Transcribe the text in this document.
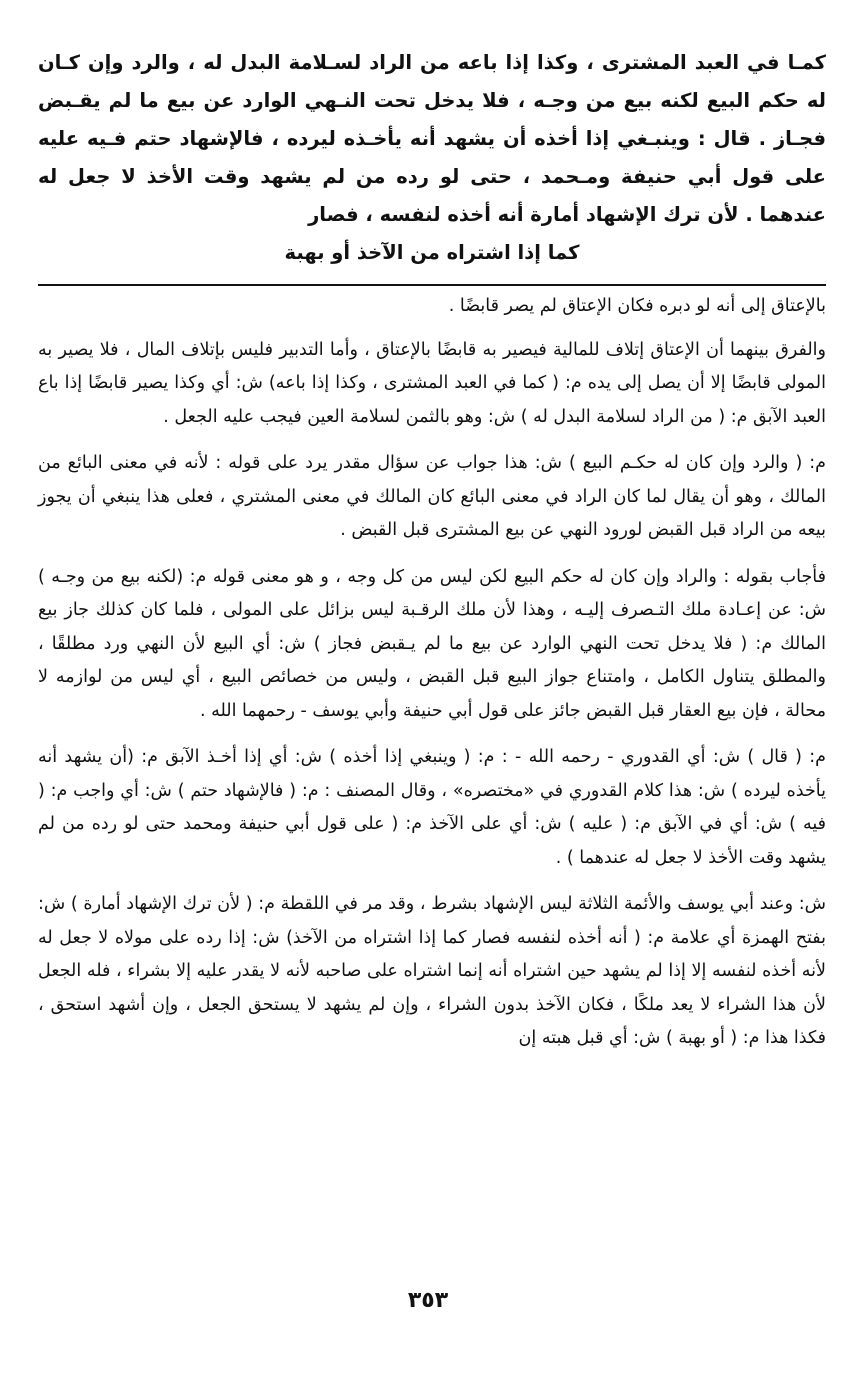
كمـا في العبد المشترى ، وكذا إذا باعه من الراد لسـلامة البدل له ، والرد وإن كـان له حكم البيع لكنه بيع من وجـه ، فلا يدخل تحت النـهي الوارد عن بيع ما لم يقـبض فجـاز . قال : وينبـغي إذا أخذه أن يشهد أنه يأخـذه ليرده ، فالإشهاد حتم فـيه عليه على قول أبي حنيفة ومـحمد ، حتى لو رده من لم يشهد وقت الأخذ لا جعل له عندهما . لأن ترك الإشهاد أمارة أنه أخذه لنفسه ، فصار
كما إذا اشتراه من الآخذ أو بهبة

بالإعتاق إلى أنه لو دبره فكان الإعتاق لم يصر قابضًا .

والفرق بينهما أن الإعتاق إتلاف للمالية فيصير به قابضًا بالإعتاق ، وأما التدبير فليس بإتلاف المال ، فلا يصير به المولى قابضًا إلا أن يصل إلى يده م: ( كما في العبد المشترى ، وكذا إذا باعه) ش: أي وكذا يصير قابضًا إذا باع العبد الآبق م: ( من الراد لسلامة البدل له ) ش: وهو بالثمن لسلامة العين فيجب عليه الجعل .

م: ( والرد وإن كان له حكـم البيع ) ش: هذا جواب عن سؤال مقدر يرد على قوله : لأنه في معنى البائع من المالك ، وهو أن يقال لما كان الراد في معنى البائع كان المالك في معنى المشتري ، فعلى هذا ينبغي أن يجوز بيعه من الراد قبل القبض لورود النهي عن بيع المشترى قبل القبض .

فأجاب بقوله : والراد وإن كان له حكم البيع لكن ليس من كل وجه ، و هو معنى قوله م: (لكنه بيع من وجـه ) ش: عن إعـادة ملك التـصرف إليـه ، وهذا لأن ملك الرقـبة ليس بزائل على المولى ، فلما كان كذلك جاز بيع المالك م: ( فلا يدخل تحت النهي الوارد عن بيع ما لم يـقبض فجاز ) ش: أي البيع لأن النهي ورد مطلقًا ، والمطلق يتناول الكامل ، وامتناع جواز البيع قبل القبض ، وليس من خصائص البيع ، أي ليس من لوازمه لا محالة ، فإن بيع العقار قبل القبض جائز على قول أبي حنيفة وأبي يوسف - رحمهما الله .

م: ( قال ) ش: أي القدوري - رحمه الله - : م: ( وينبغي إذا أخذه ) ش: أي إذا أخـذ الآبق م: (أن يشهد أنه يأخذه ليرده ) ش: هذا كلام القدوري في «مختصره» ، وقال المصنف : م: ( فالإشهاد حتم ) ش: أي واجب م: ( فيه ) ش: أي في الآبق م: ( عليه ) ش: أي على الآخذ م: ( على قول أبي حنيفة ومحمد حتى لو رده من لم يشهد وقت الأخذ لا جعل له عندهما ) .

ش: وعند أبي يوسف والأئمة الثلاثة ليس الإشهاد بشرط ، وقد مر في اللقطة م: ( لأن ترك الإشهاد أمارة ) ش: بفتح الهمزة أي علامة م: ( أنه أخذه لنفسه فصار كما إذا اشتراه من الآخذ) ش: إذا رده على مولاه لا جعل له لأنه أخذه لنفسه إلا إذا لم يشهد حين اشتراه أنه إنما اشتراه على صاحبه لأنه لا يقدر عليه إلا بشراء ، فله الجعل لأن هذا الشراء لا يعد ملكًا ، فكان الآخذ بدون الشراء ، وإن لم يشهد لا يستحق الجعل ، وإن أشهد استحق ، فكذا هذا م: ( أو بهبة ) ش: أي قبل هبته إن

٣٥٣
